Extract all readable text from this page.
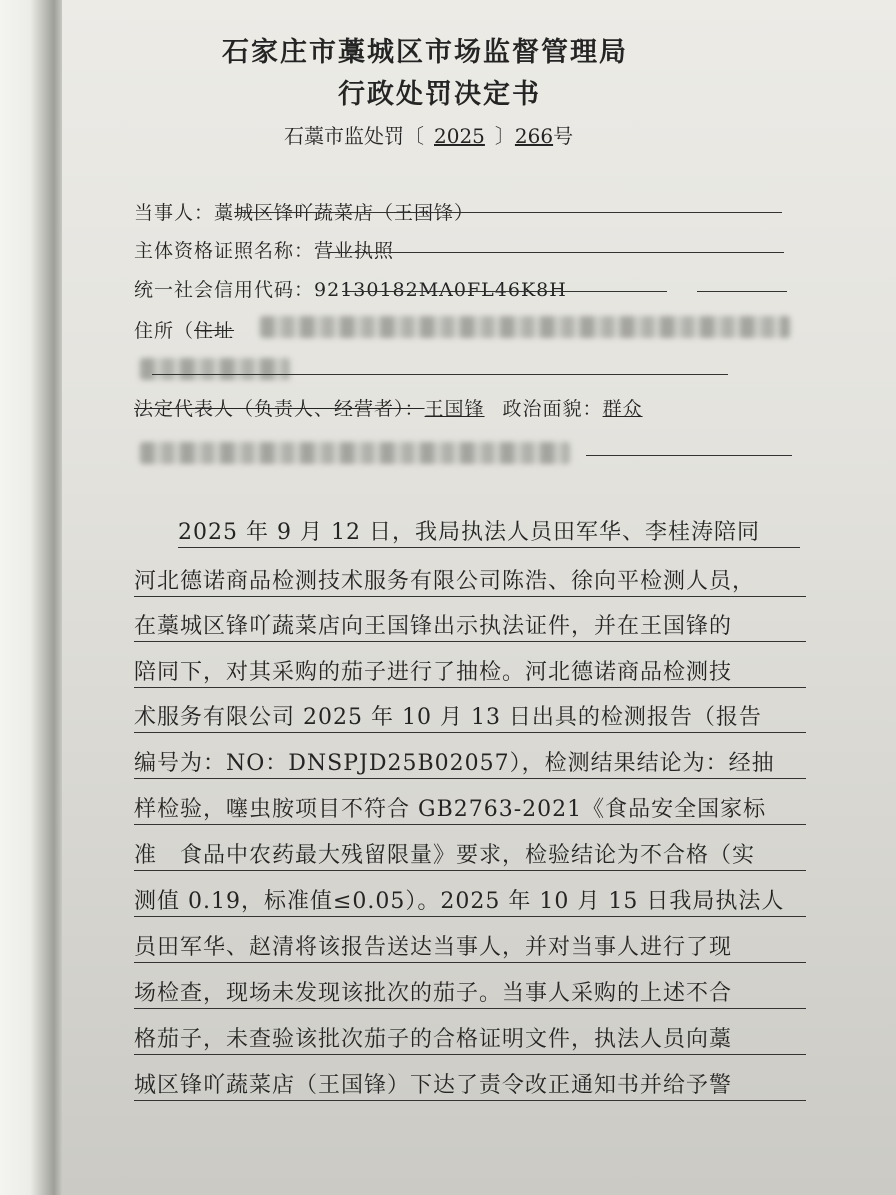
石家庄市藁城区市场监督管理局
行政处罚决定书
石藁市监处罚〔 2025 〕266号
当事人：藁城区锋吖蔬菜店（王国锋）
主体资格证照名称：营业执照
统一社会信用代码：92130182MA0FL46K8H
住所（住址
法定代表人（负责人、经营者）：王国锋 政治面貌：群众
2025 年 9 月 12 日，我局执法人员田军华、李桂涛陪同
河北德诺商品检测技术服务有限公司陈浩、徐向平检测人员，
在藁城区锋吖蔬菜店向王国锋出示执法证件，并在王国锋的
陪同下，对其采购的茄子进行了抽检。河北德诺商品检测技
术服务有限公司 2025 年 10 月 13 日出具的检测报告（报告
编号为：NO：DNSPJD25B02057），检测结果结论为：经抽
样检验，噻虫胺项目不符合 GB2763-2021《食品安全国家标
准　食品中农药最大残留限量》要求，检验结论为不合格（实
测值 0.19，标准值≤0.05）。2025 年 10 月 15 日我局执法人
员田军华、赵清将该报告送达当事人，并对当事人进行了现
场检查，现场未发现该批次的茄子。当事人采购的上述不合
格茄子，未查验该批次茄子的合格证明文件，执法人员向藁
城区锋吖蔬菜店（王国锋）下达了责令改正通知书并给予警
